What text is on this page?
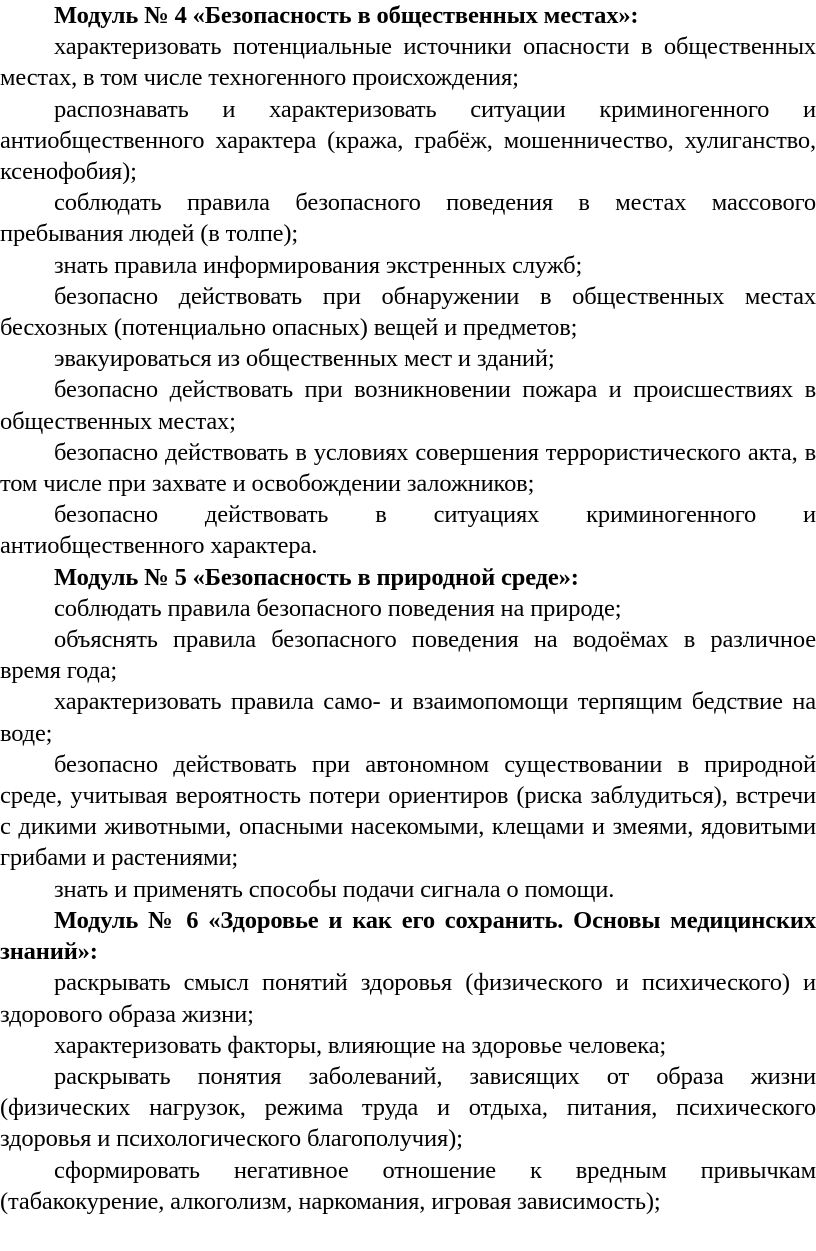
Модуль № 4 «Безопасность в общественных местах»:

характеризовать потенциальные источники опасности в общественных местах, в том числе техногенного происхождения;

распознавать и характеризовать ситуации криминогенного и антиобщественного характера (кража, грабёж, мошенничество, хулиганство, ксенофобия);

соблюдать правила безопасного поведения в местах массового пребывания людей (в толпе);

знать правила информирования экстренных служб;

безопасно действовать при обнаружении в общественных местах бесхозных (потенциально опасных) вещей и предметов;

эвакуироваться из общественных мест и зданий;

безопасно действовать при возникновении пожара и происшествиях в общественных местах;

безопасно действовать в условиях совершения террористического акта, в том числе при захвате и освобождении заложников;

безопасно действовать в ситуациях криминогенного и антиобщественного характера.

Модуль № 5 «Безопасность в природной среде»:

соблюдать правила безопасного поведения на природе;

объяснять правила безопасного поведения на водоёмах в различное время года;

характеризовать правила само- и взаимопомощи терпящим бедствие на воде;

безопасно действовать при автономном существовании в природной среде, учитывая вероятность потери ориентиров (риска заблудиться), встречи с дикими животными, опасными насекомыми, клещами и змеями, ядовитыми грибами и растениями;

знать и применять способы подачи сигнала о помощи.

Модуль № 6 «Здоровье и как его сохранить. Основы медицинских знаний»:

раскрывать смысл понятий здоровья (физического и психического) и здорового образа жизни;

характеризовать факторы, влияющие на здоровье человека;

раскрывать понятия заболеваний, зависящих от образа жизни (физических нагрузок, режима труда и отдыха, питания, психического здоровья и психологического благополучия);

сформировать негативное отношение к вредным привычкам (табакокурение, алкоголизм, наркомания, игровая зависимость);
